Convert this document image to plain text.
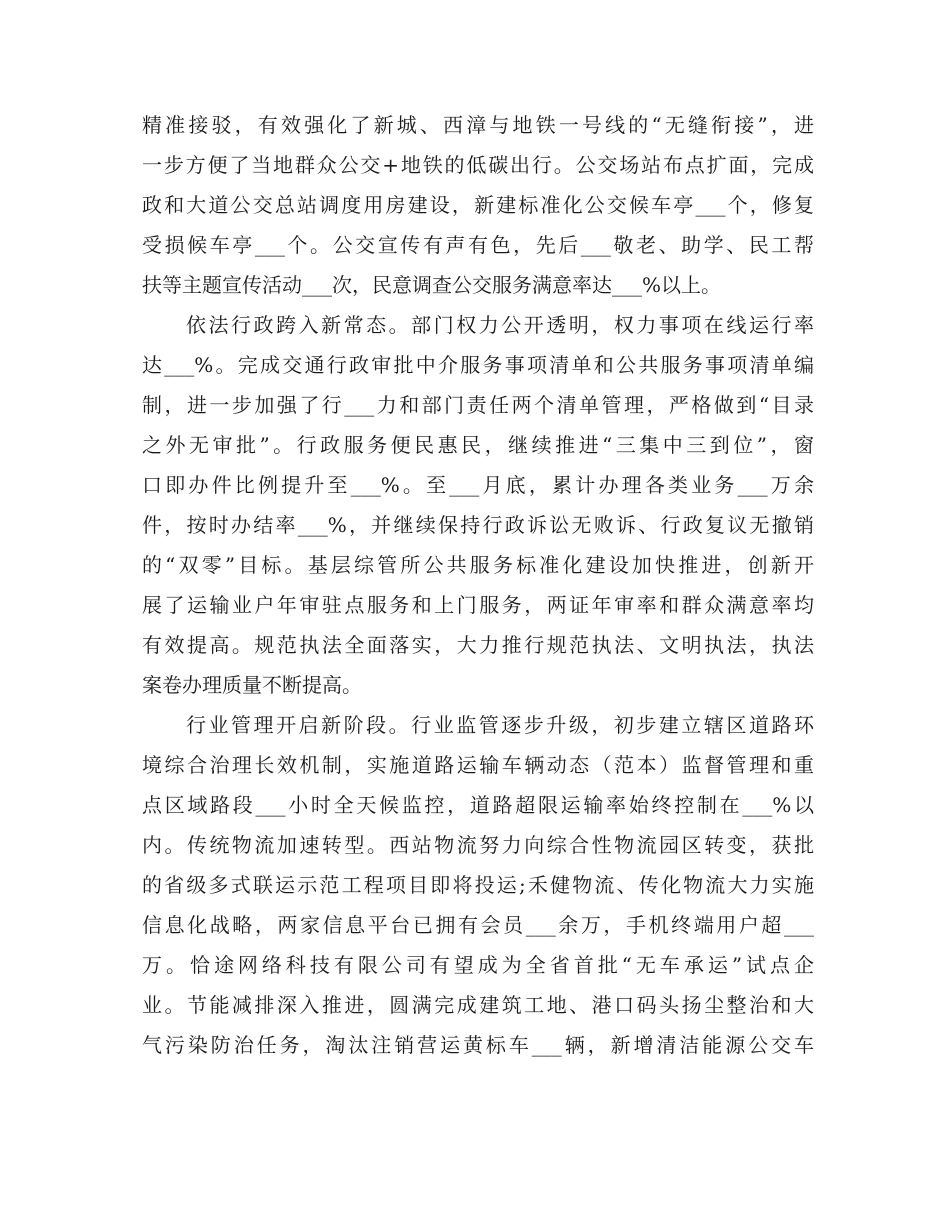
精准接驳，有效强化了新城、西漳与地铁一号线的“无缝衔接”，进
一步方便了当地群众公交+地铁的低碳出行。公交场站布点扩面，完成
政和大道公交总站调度用房建设，新建标准化公交候车亭___个，修复
受损候车亭___个。公交宣传有声有色，先后___敬老、助学、民工帮
扶等主题宣传活动___次，民意调查公交服务满意率达___%以上。
依法行政跨入新常态。部门权力公开透明，权力事项在线运行率
达___%。完成交通行政审批中介服务事项清单和公共服务事项清单编
制，进一步加强了行___力和部门责任两个清单管理，严格做到“目录
之外无审批”。行政服务便民惠民，继续推进“三集中三到位”，窗
口即办件比例提升至___%。至___月底，累计办理各类业务___万余
件，按时办结率___%，并继续保持行政诉讼无败诉、行政复议无撤销
的“双零”目标。基层综管所公共服务标准化建设加快推进，创新开
展了运输业户年审驻点服务和上门服务，两证年审率和群众满意率均
有效提高。规范执法全面落实，大力推行规范执法、文明执法，执法
案卷办理质量不断提高。
行业管理开启新阶段。行业监管逐步升级，初步建立辖区道路环
境综合治理长效机制，实施道路运输车辆动态（范本）监督管理和重
点区域路段___小时全天候监控，道路超限运输率始终控制在___%以
内。传统物流加速转型。西站物流努力向综合性物流园区转变，获批
的省级多式联运示范工程项目即将投运;禾健物流、传化物流大力实施
信息化战略，两家信息平台已拥有会员___余万，手机终端用户超___
万。恰途网络科技有限公司有望成为全省首批“无车承运”试点企
业。节能减排深入推进，圆满完成建筑工地、港口码头扬尘整治和大
气污染防治任务，淘汰注销营运黄标车___辆，新增清洁能源公交车
